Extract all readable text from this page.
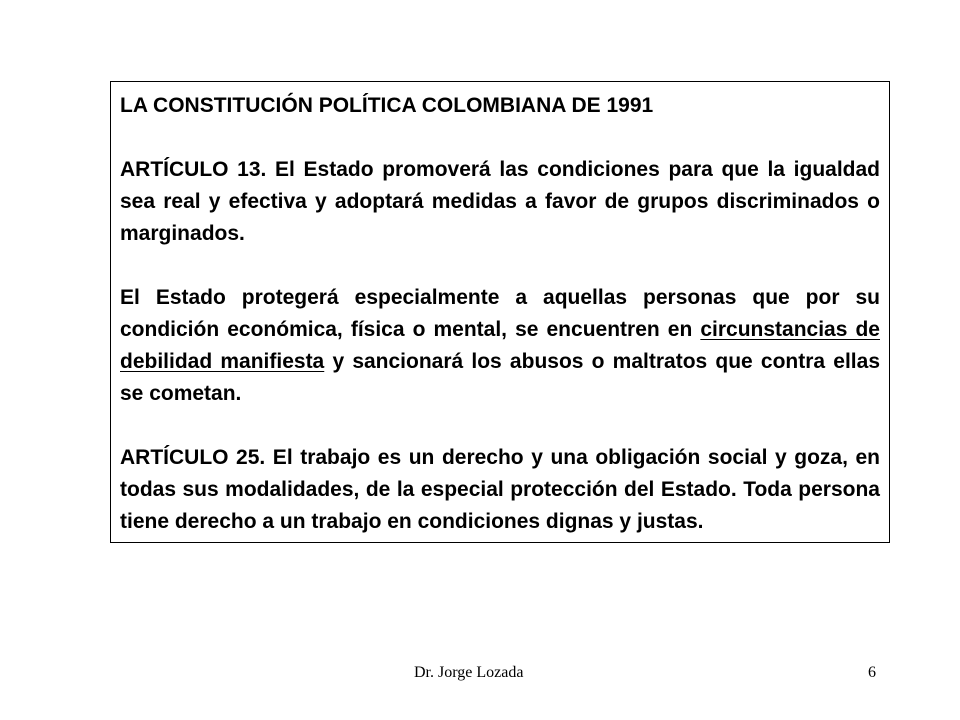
LA CONSTITUCIÓN POLÍTICA COLOMBIANA DE 1991

ARTÍCULO 13. El Estado promoverá las condiciones para que la igualdad sea real y efectiva y adoptará medidas a favor de grupos discriminados o marginados.

El Estado protegerá especialmente a aquellas personas que por su condición económica, física o mental, se encuentren en circunstancias de debilidad manifiesta y sancionará los abusos o maltratos que contra ellas se cometan.

ARTÍCULO 25. El trabajo es un derecho y una obligación social y goza, en todas sus modalidades, de la especial protección del Estado. Toda persona tiene derecho a un trabajo en condiciones dignas y justas.

Dr. Jorge Lozada	6
